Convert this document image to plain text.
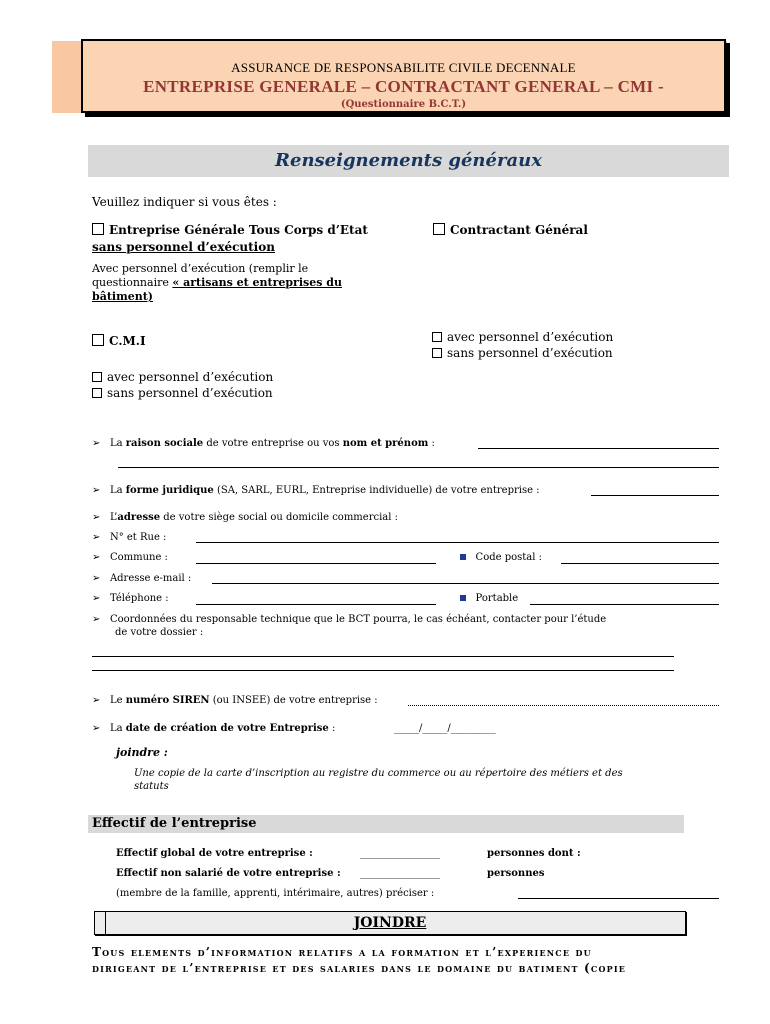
ASSURANCE DE RESPONSABILITE CIVILE DECENNALE
ENTREPRISE GENERALE – CONTRACTANT GENERAL – CMI -
(Questionnaire B.C.T.)
Renseignements généraux
Veuillez indiquer si vous êtes :
Entreprise Générale Tous Corps d’Etat
sans personnel d’exécution
Avec personnel d’exécution (remplir le
questionnaire « artisans et entreprises du
bâtiment)
Contractant Général
avec personnel d’exécution
sans personnel d’exécution
C.M.I
avec personnel d’exécution
sans personnel d’exécution
➢ La raison sociale de votre entreprise ou vos nom et prénom :
➢ La forme juridique (SA, SARL, EURL, Entreprise individuelle) de votre entreprise :
➢ L’adresse de votre siège social ou domicile commercial :
➢ N° et Rue :
➢ Commune :	Code postal :
➢ Adresse e-mail :
➢ Téléphone :	Portable
➢ Coordonnées du responsable technique que le BCT pourra, le cas échéant, contacter pour l’étude
de votre dossier :
➢ Le numéro SIREN (ou INSEE) de votre entreprise :
➢ La date de création de votre Entreprise :	_____/_____/_________
joindre :
Une copie de la carte d’inscription au registre du commerce ou au répertoire des métiers et des
statuts
Effectif de l’entreprise
Effectif global de votre entreprise :	________________	personnes dont :
Effectif non salarié de votre entreprise : ________________	personnes
(membre de la famille, apprenti, intérimaire, autres) préciser :
JOINDRE
Tous elements d’information relatifs a la formation et l’experience du
dirigeant de l’entreprise et des salaries dans le domaine du batiment (copie
